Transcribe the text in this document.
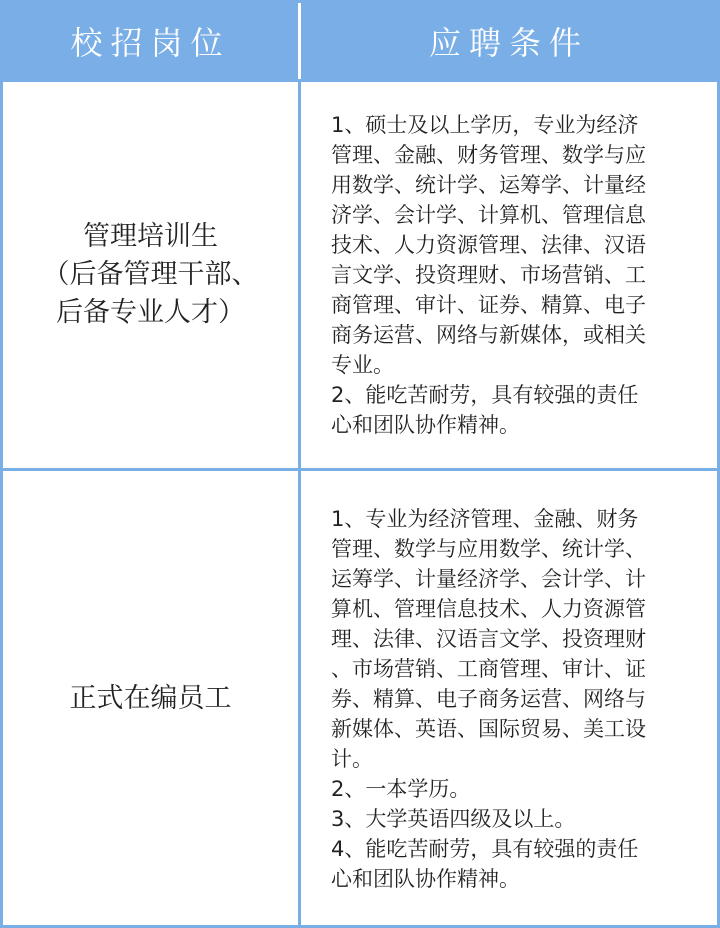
校招岗位	应聘条件
管理培训生
（后备管理干部、
后备专业人才）
1、硕士及以上学历，专业为经济
管理、金融、财务管理、数学与应
用数学、统计学、运筹学、计量经
济学、会计学、计算机、管理信息
技术、人力资源管理、法律、汉语
言文学、投资理财、市场营销、工
商管理、审计、证券、精算、电子
商务运营、网络与新媒体，或相关
专业。
2、能吃苦耐劳，具有较强的责任
心和团队协作精神。
正式在编员工
1、专业为经济管理、金融、财务
管理、数学与应用数学、统计学、
运筹学、计量经济学、会计学、计
算机、管理信息技术、人力资源管
理、法律、汉语言文学、投资理财
、市场营销、工商管理、审计、证
券、精算、电子商务运营、网络与
新媒体、英语、国际贸易、美工设
计。
2、一本学历。
3、大学英语四级及以上。
4、能吃苦耐劳，具有较强的责任
心和团队协作精神。
